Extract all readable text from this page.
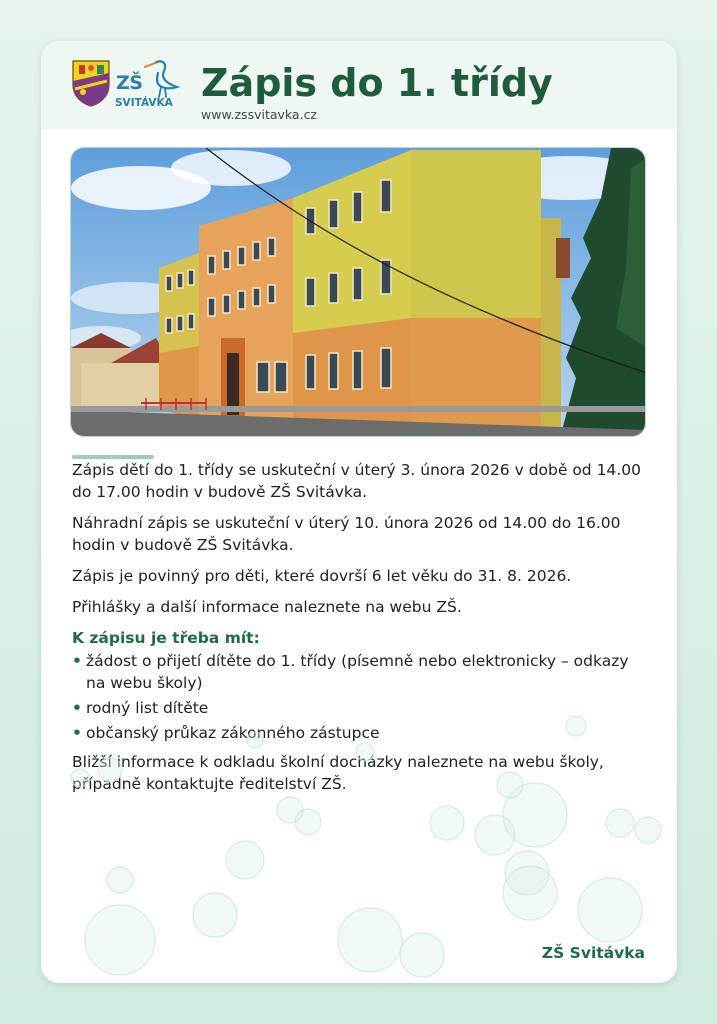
ZŠ
SVITÁVKA Zápis do 1. třídy
www.zssvitavka.cz

Zápis dětí do 1. třídy se uskuteční v úterý 3. února 2026 v době od 14.00 do 17.00 hodin v budově ZŠ Svitávka.

Náhradní zápis se uskuteční v úterý 10. února 2026 od 14.00 do 16.00 hodin v budově ZŠ Svitávka.

Zápis je povinný pro děti, které dovrší 6 let věku do 31. 8. 2026.

Přihlášky a další informace naleznete na webu ZŠ.

K zápisu je třeba mít:
• žádost o přijetí dítěte do 1. třídy (písemně nebo elektronicky – odkazy na webu školy)
• rodný list dítěte
• občanský průkaz zákonného zástupce

Bližší informace k odkladu školní docházky naleznete na webu školy, případně kontaktujte ředitelství ZŠ.

ZŠ Svitávka
